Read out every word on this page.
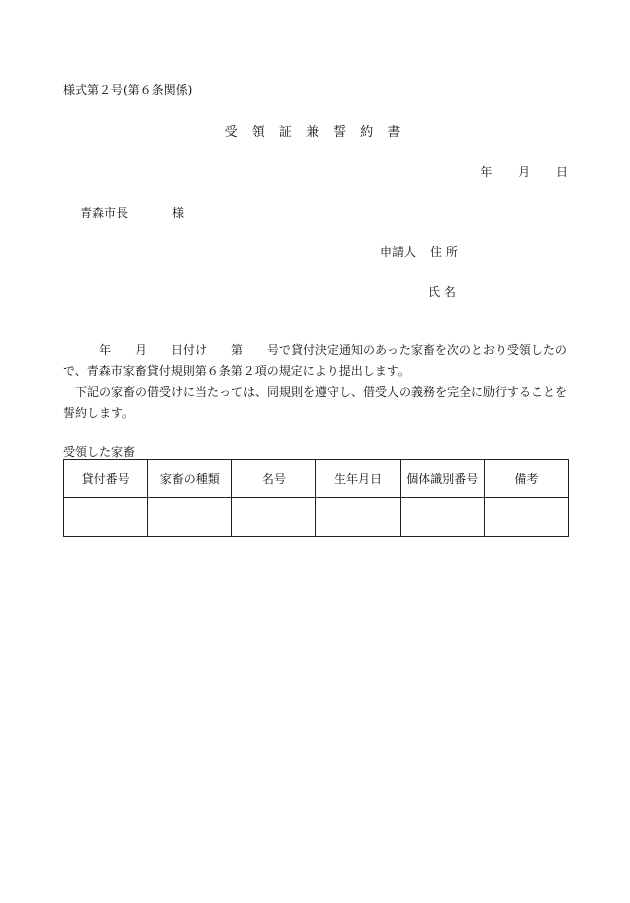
様式第２号(第６条関係)
受 領 証 兼 誓 約 書
年 月 日
青森市長	様
申請人 住 所
氏 名

　　　年　　月　　日付け　　第　　号で貸付決定通知のあった家畜を次のとおり受領したので、青森市家畜貸付規則第６条第２項の規定により提出します。

　下記の家畜の借受けに当たっては、同規則を遵守し、借受人の義務を完全に励行することを誓約します。

受領した家畜
貸付番号	家畜の種類	名号	生年月日	個体識別番号	備考
